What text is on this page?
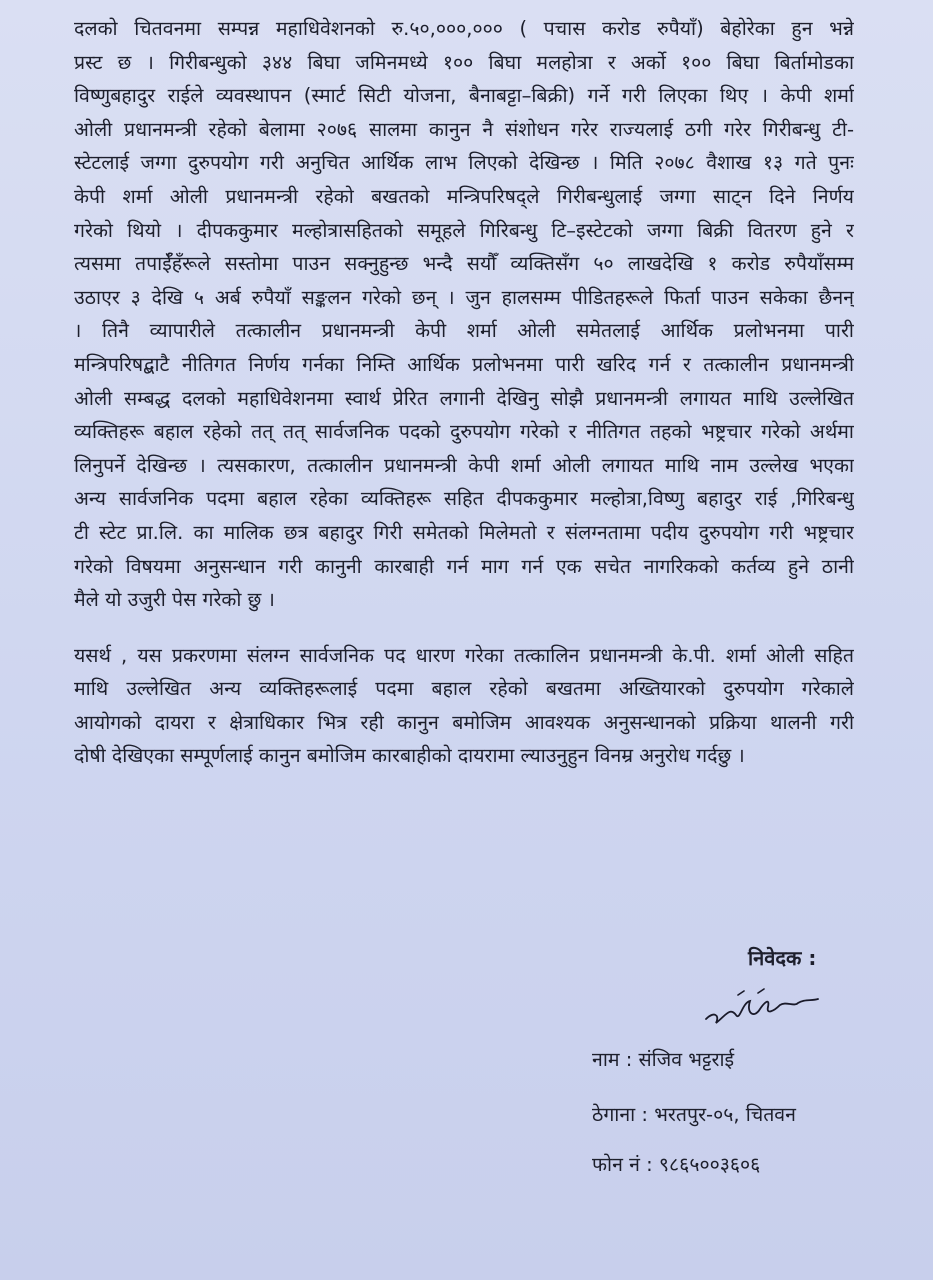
दलको चितवनमा सम्पन्न महाधिवेशनको रु.५०,०००,००० ( पचास करोड रुपैयाँ) बेहोरेका हुन भन्ने
प्रस्ट छ । गिरीबन्धुको ३४४ बिघा जमिनमध्ये १०० बिघा मलहोत्रा र अर्को १०० बिघा बिर्तामोडका
विष्णुबहादुर राईले व्यवस्थापन (स्मार्ट सिटी योजना, बैनाबट्टा–बिक्री) गर्ने गरी लिएका थिए । केपी शर्मा
ओली प्रधानमन्त्री रहेको बेलामा २०७६ सालमा कानुन नै संशोधन गरेर राज्यलाई ठगी गरेर गिरीबन्धु टी-
स्टेटलाई जग्गा दुरुपयोग गरी अनुचित आर्थिक लाभ लिएको देखिन्छ । मिति २०७८ वैशाख १३ गते पुनः
केपी शर्मा ओली प्रधानमन्त्री रहेको बखतको मन्त्रिपरिषद्ले गिरीबन्धुलाई जग्गा साट्न दिने निर्णय
गरेको थियो । दीपककुमार मल्होत्रासहितको समूहले गिरिबन्धु टि–इस्टेटको जग्गा बिक्री वितरण हुने र
त्यसमा तपाईँहँरूले सस्तोमा पाउन सक्नुहुन्छ भन्दै सयौँ व्यक्तिसँग ५० लाखदेखि १ करोड रुपैयाँसम्म
उठाएर ३ देखि ५ अर्ब रुपैयाँ सङ्कलन गरेको छन् । जुन हालसम्म पीडितहरूले फिर्ता पाउन सकेका छैनन्
। तिनै व्यापारीले तत्कालीन प्रधानमन्त्री केपी शर्मा ओली समेतलाई आर्थिक प्रलोभनमा पारी
मन्त्रिपरिषद्बाटै नीतिगत निर्णय गर्नका निम्ति आर्थिक प्रलोभनमा पारी खरिद गर्न र तत्कालीन प्रधानमन्त्री
ओली सम्बद्ध दलको महाधिवेशनमा स्वार्थ प्रेरित लगानी देखिनु सोझै प्रधानमन्त्री लगायत माथि उल्लेखित
व्यक्तिहरू बहाल रहेको तत् तत् सार्वजनिक पदको दुरुपयोग गरेको र नीतिगत तहको भष्ट्रचार गरेको अर्थमा
लिनुपर्ने देखिन्छ । त्यसकारण, तत्कालीन प्रधानमन्त्री केपी शर्मा ओली लगायत माथि नाम उल्लेख भएका
अन्य सार्वजनिक पदमा बहाल रहेका व्यक्तिहरू सहित दीपककुमार मल्होत्रा,विष्णु बहादुर राई ,गिरिबन्धु
टी स्टेट प्रा.लि. का मालिक छत्र बहादुर गिरी समेतको मिलेमतो र संलग्नतामा पदीय दुरुपयोग गरी भष्ट्रचार
गरेको विषयमा अनुसन्धान गरी कानुनी कारबाही गर्न माग गर्न एक सचेत नागरिकको कर्तव्य हुने ठानी
मैले यो उजुरी पेस गरेको छु ।
यसर्थ , यस प्रकरणमा संलग्न सार्वजनिक पद धारण गरेका तत्कालिन प्रधानमन्त्री के.पी. शर्मा ओली सहित
माथि उल्लेखित अन्य व्यक्तिहरूलाई पदमा बहाल रहेको बखतमा अख्तियारको दुरुपयोग गरेकाले
आयोगको दायरा र क्षेत्राधिकार भित्र रही कानुन बमोजिम आवश्यक अनुसन्धानको प्रक्रिया थालनी गरी
दोषी देखिएका सम्पूर्णलाई कानुन बमोजिम कारबाहीको दायरामा ल्याउनुहुन विनम्र अनुरोध गर्दछु ।
निवेदक :
नाम : संजिव भट्टराई
ठेगाना : भरतपुर-०५, चितवन
फोन नं : ९८६५००३६०६
